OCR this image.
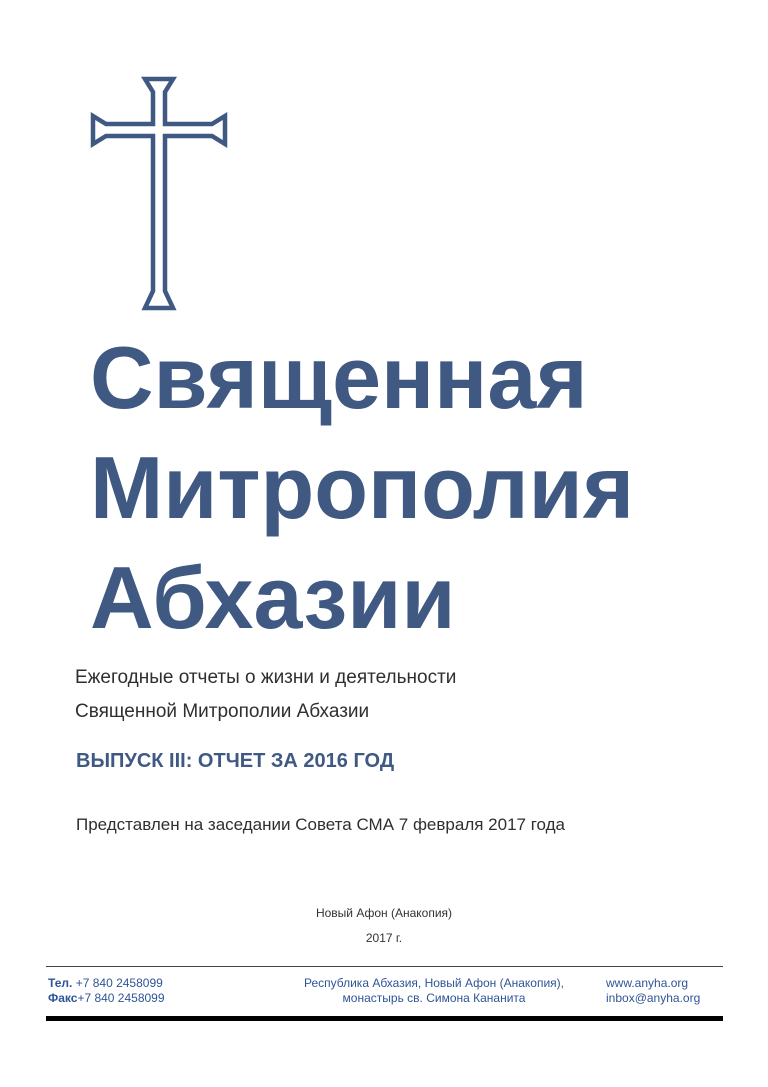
Священная
Митрополия
Абхазии
Ежегодные отчеты о жизни и деятельности
Священной Митрополии Абхазии
ВЫПУСК III: ОТЧЕТ ЗА 2016 ГОД
Представлен на заседании Совета СМА 7 февраля 2017 года
Новый Афон (Анакопия)
2017 г.
Тел. +7 840 2458099
Факс+7 840 2458099
Республика Абхазия, Новый Афон (Анакопия),
монастырь св. Симона Кананита
www.anyha.org
inbox@anyha.org
